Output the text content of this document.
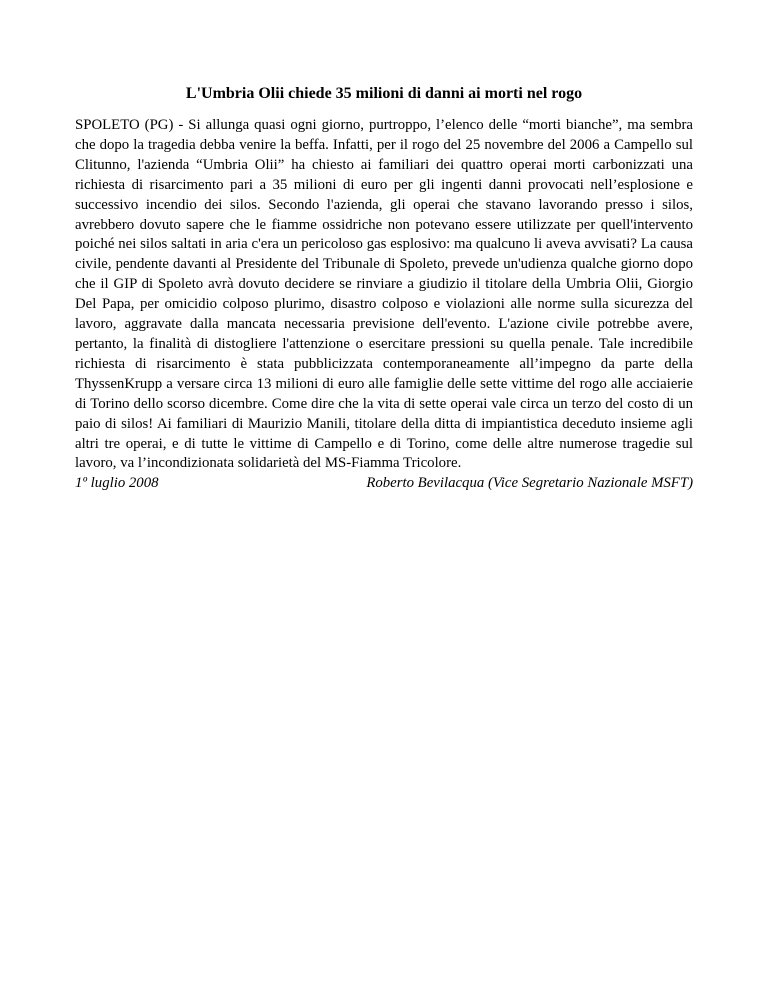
L'Umbria Olii chiede 35 milioni di danni ai morti nel rogo

SPOLETO (PG) - Si allunga quasi ogni giorno, purtroppo, l’elenco delle “morti bianche”, ma sembra che dopo la tragedia debba venire la beffa. Infatti, per il rogo del 25 novembre del 2006 a Campello sul Clitunno, l'azienda “Umbria Olii” ha chiesto ai familiari dei quattro operai morti carbonizzati una richiesta di risarcimento pari a 35 milioni di euro per gli ingenti danni provocati nell’esplosione e successivo incendio dei silos. Secondo l'azienda, gli operai che stavano lavorando presso i silos, avrebbero dovuto sapere che le fiamme ossidriche non potevano essere utilizzate per quell'intervento poiché nei silos saltati in aria c'era un pericoloso gas esplosivo: ma qualcuno li aveva avvisati? La causa civile, pendente davanti al Presidente del Tribunale di Spoleto, prevede un'udienza qualche giorno dopo che il GIP di Spoleto avrà dovuto decidere se rinviare a giudizio il titolare della Umbria Olii, Giorgio Del Papa, per omicidio colposo plurimo, disastro colposo e violazioni alle norme sulla sicurezza del lavoro, aggravate dalla mancata necessaria previsione dell'evento. L'azione civile potrebbe avere, pertanto, la finalità di distogliere l'attenzione o esercitare pressioni su quella penale. Tale incredibile richiesta di risarcimento è stata pubblicizzata contemporaneamente all’impegno da parte della ThyssenKrupp a versare circa 13 milioni di euro alle famiglie delle sette vittime del rogo alle acciaierie di Torino dello scorso dicembre. Come dire che la vita di sette operai vale circa un terzo del costo di un paio di silos! Ai familiari di Maurizio Manili, titolare della ditta di impiantistica deceduto insieme agli altri tre operai, e di tutte le vittime di Campello e di Torino, come delle altre numerose tragedie sul lavoro, va l’incondizionata solidarietà del MS-Fiamma Tricolore.

1º luglio 2008	Roberto Bevilacqua (Vice Segretario Nazionale MSFT)
